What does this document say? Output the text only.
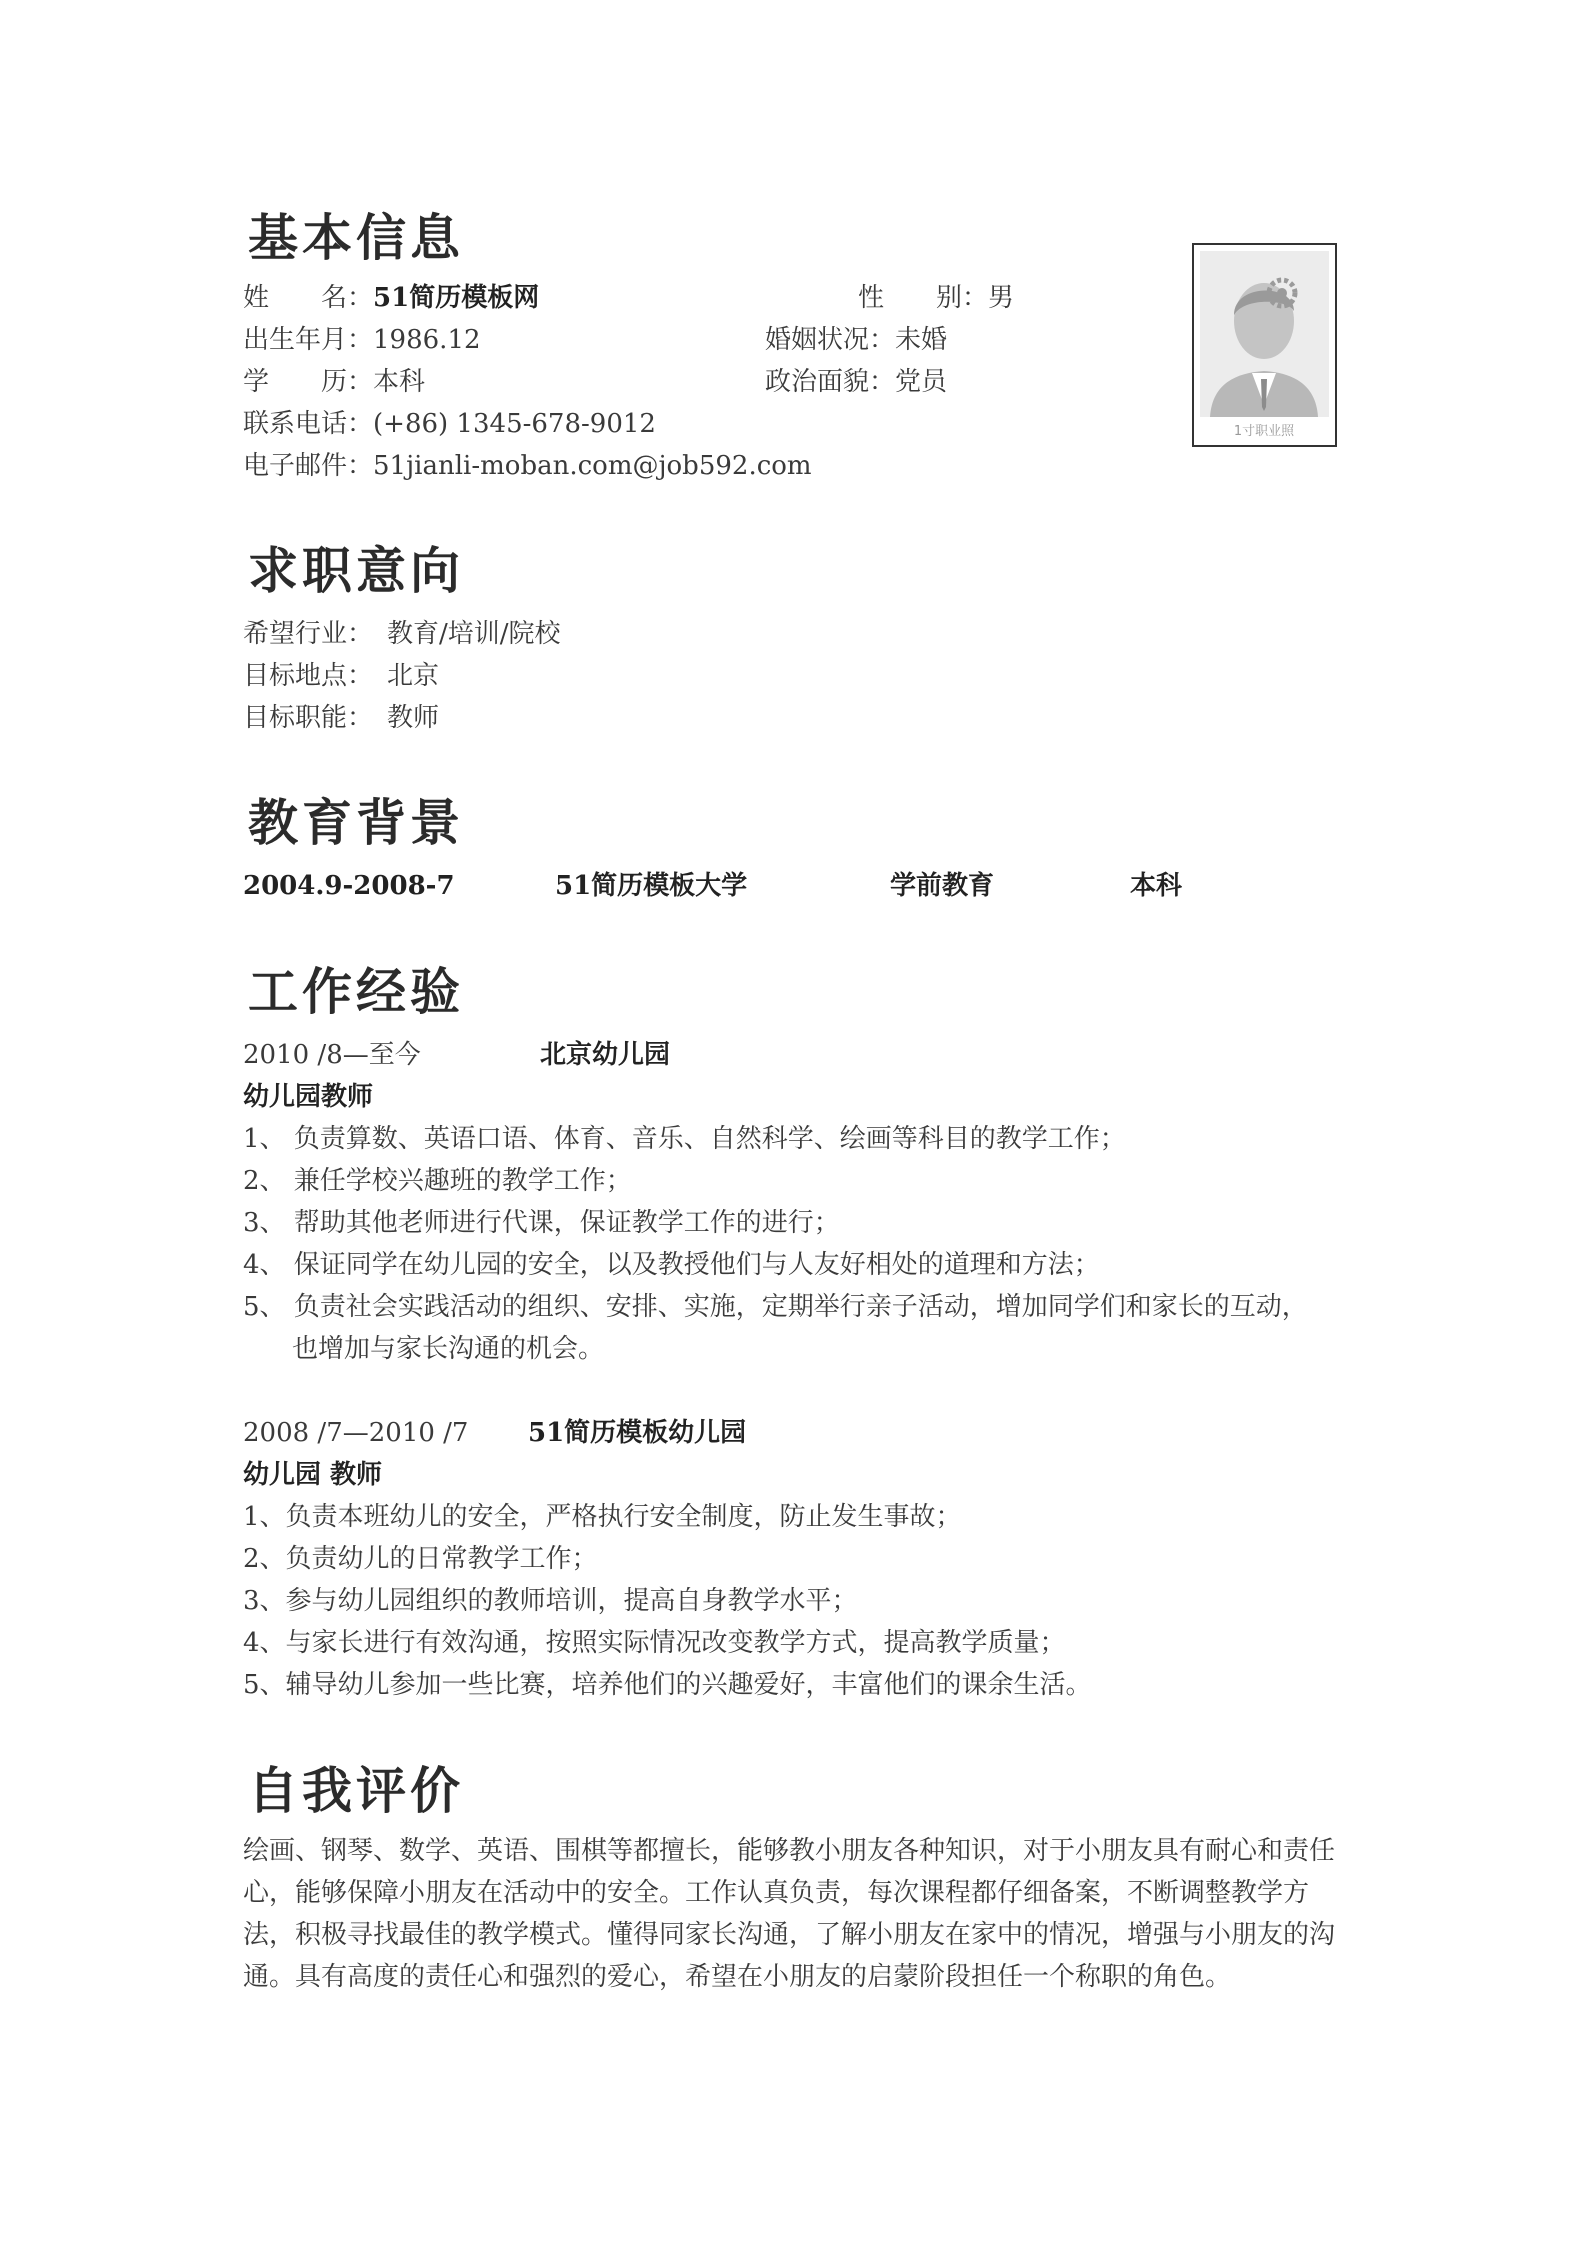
基本信息
姓　　名：51简历模板网	性　　别：男
出生年月：1986.12	婚姻状况：未婚
学　　历：本科	政治面貌：党员
联系电话：(+86) 1345-678-9012
电子邮件：51jianli-moban.com@job592.com
1寸职业照
求职意向
希望行业： 教育/培训/院校
目标地点： 北京
目标职能： 教师
教育背景
2004.9-2008-7	51简历模板大学	学前教育	本科
工作经验
2010 /8—至今	北京幼儿园
幼儿园教师
1、 负责算数、英语口语、体育、音乐、自然科学、绘画等科目的教学工作；
2、 兼任学校兴趣班的教学工作；
3、 帮助其他老师进行代课，保证教学工作的进行；
4、 保证同学在幼儿园的安全，以及教授他们与人友好相处的道理和方法；
5、 负责社会实践活动的组织、安排、实施，定期举行亲子活动，增加同学们和家长的互动，
也增加与家长沟通的机会。
2008 /7—2010 /7 51简历模板幼儿园
幼儿园 教师
1、负责本班幼儿的安全，严格执行安全制度，防止发生事故；
2、负责幼儿的日常教学工作；
3、参与幼儿园组织的教师培训，提高自身教学水平；
4、与家长进行有效沟通，按照实际情况改变教学方式，提高教学质量；
5、辅导幼儿参加一些比赛，培养他们的兴趣爱好，丰富他们的课余生活。
自我评价
绘画、钢琴、数学、英语、围棋等都擅长，能够教小朋友各种知识，对于小朋友具有耐心和责任心，能够保障小朋友在活动中的安全。工作认真负责，每次课程都仔细备案，不断调整教学方法，积极寻找最佳的教学模式。懂得同家长沟通，了解小朋友在家中的情况，增强与小朋友的沟通。具有高度的责任心和强烈的爱心，希望在小朋友的启蒙阶段担任一个称职的角色。
